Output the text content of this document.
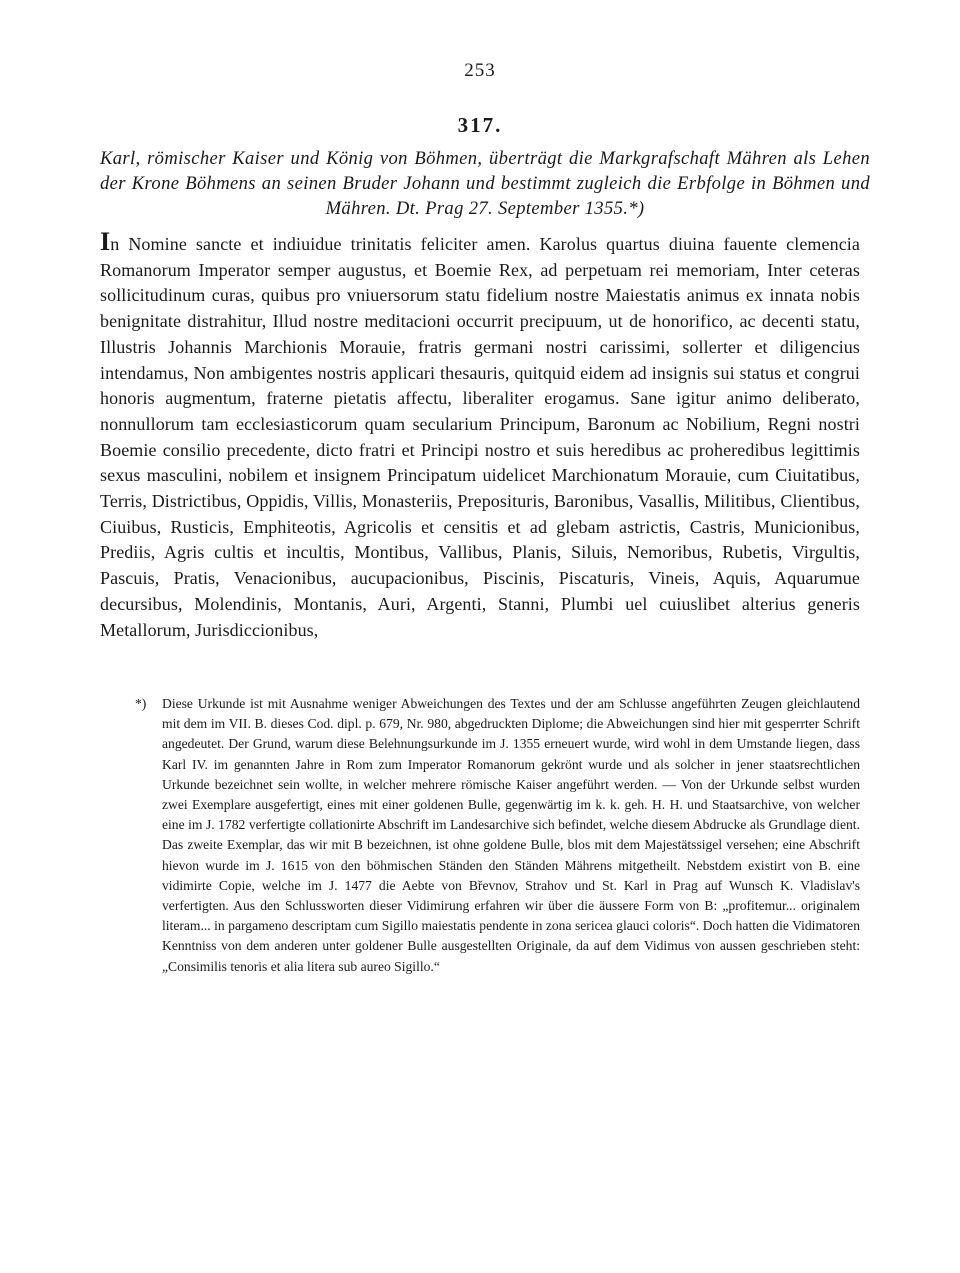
253
317.
Karl, römischer Kaiser und König von Böhmen, überträgt die Markgrafschaft Mähren als Lehen der Krone Böhmens an seinen Bruder Johann und bestimmt zugleich die Erbfolge in Böhmen und Mähren. Dt. Prag 27. September 1355.*)
In Nomine sancte et indiuidue trinitatis feliciter amen. Karolus quartus diuina fauente clemencia Romanorum Imperator semper augustus, et Boemie Rex, ad perpetuam rei memoriam, Inter ceteras sollicitudinum curas, quibus pro vniuersorum statu fidelium nostre Maiestatis animus ex innata nobis benignitate distrahitur, Illud nostre meditacioni occurrit precipuum, ut de honorifico, ac decenti statu, Illustris Johannis Marchionis Morauie, fratris germani nostri carissimi, sollerter et diligencius intendamus, Non ambigentes nostris applicari thesauris, quitquid eidem ad insignis sui status et congrui honoris augmentum, fraterne pietatis affectu, liberaliter erogamus. Sane igitur animo deliberato, nonnullorum tam ecclesiasticorum quam secularium Principum, Baronum ac Nobilium, Regni nostri Boemie consilio precedente, dicto fratri et Principi nostro et suis heredibus ac proheredibus legittimis sexus masculini, nobilem et insignem Principatum uidelicet Marchionatum Morauie, cum Ciuitatibus, Terris, Districtibus, Oppidis, Villis, Monasteriis, Preposituris, Baronibus, Vasallis, Militibus, Clientibus, Ciuibus, Rusticis, Emphiteotis, Agricolis et censitis et ad glebam astrictis, Castris, Municionibus, Prediis, Agris cultis et incultis, Montibus, Vallibus, Planis, Siluis, Nemoribus, Rubetis, Virgultis, Pascuis, Pratis, Venacionibus, aucupacionibus, Piscinis, Piscaturis, Vineis, Aquis, Aquarumue decursibus, Molendinis, Montanis, Auri, Argenti, Stanni, Plumbi uel cuiuslibet alterius generis Metallorum, Jurisdiccionibus,
*) Diese Urkunde ist mit Ausnahme weniger Abweichungen des Textes und der am Schlusse angeführten Zeugen gleichlautend mit dem im VII. B. dieses Cod. dipl. p. 679, Nr. 980, abgedruckten Diplome; die Abweichungen sind hier mit gesperrter Schrift angedeutet. Der Grund, warum diese Belehnungsurkunde im J. 1355 erneuert wurde, wird wohl in dem Umstande liegen, dass Karl IV. im genannten Jahre in Rom zum Imperator Romanorum gekrönt wurde und als solcher in jener staatsrechtlichen Urkunde bezeichnet sein wollte, in welcher mehrere römische Kaiser angeführt werden. — Von der Urkunde selbst wurden zwei Exemplare ausgefertigt, eines mit einer goldenen Bulle, gegenwärtig im k. k. geh. H. H. und Staatsarchive, von welcher eine im J. 1782 verfertigte collationirte Abschrift im Landesarchive sich befindet, welche diesem Abdrucke als Grundlage dient. Das zweite Exemplar, das wir mit B bezeichnen, ist ohne goldene Bulle, blos mit dem Majestätssigel versehen; eine Abschrift hievon wurde im J. 1615 von den böhmischen Ständen den Ständen Mährens mitgetheilt. Nebstdem existirt von B. eine vidimirte Copie, welche im J. 1477 die Aebte von Břevnov, Strahov und St. Karl in Prag auf Wunsch K. Vladislav's verfertigten. Aus den Schlussworten dieser Vidimirung erfahren wir über die äussere Form von B: „profitemur... originalem literam... in pargameno descriptam cum Sigillo maiestatis pendente in zona sericea glauci coloris“. Doch hatten die Vidimatoren Kenntniss von dem anderen unter goldener Bulle ausgestellten Originale, da auf dem Vidimus von aussen geschrieben steht: „Consimilis tenoris et alia litera sub aureo Sigillo.“
